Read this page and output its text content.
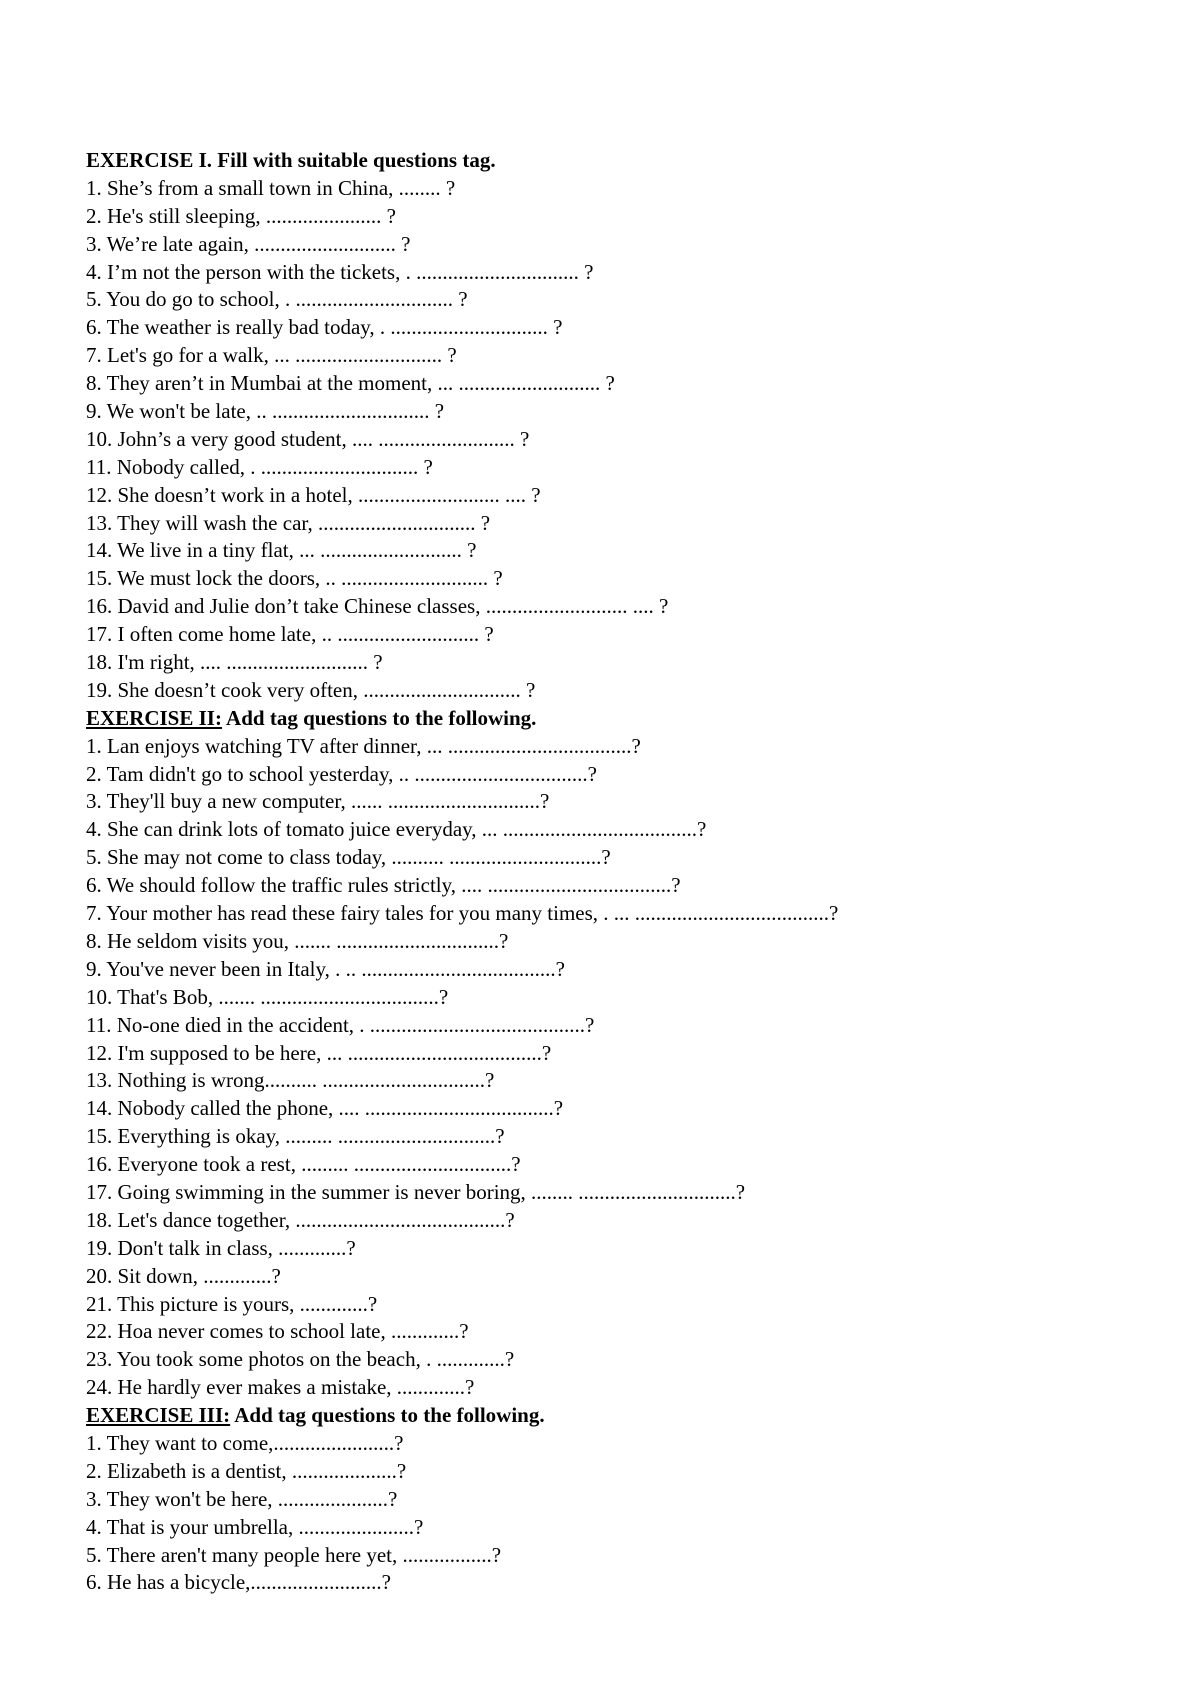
EXERCISE I. Fill with suitable questions tag.
1. She’s from a small town in China, ........ ?
2. He's still sleeping, ...................... ?
3. We’re late again, ........................... ?
4. I’m not the person with the tickets, . ............................... ?
5. You do go to school, . .............................. ?
6. The weather is really bad today, . .............................. ?
7. Let's go for a walk, ... ............................ ?
8. They aren’t in Mumbai at the moment, ... ........................... ?
9. We won't be late, .. .............................. ?
10. John’s a very good student, .... .......................... ?
11. Nobody called, . .............................. ?
12. She doesn’t work in a hotel, ........................... .... ?
13. They will wash the car, .............................. ?
14. We live in a tiny flat, ... ........................... ?
15. We must lock the doors, .. ............................ ?
16. David and Julie don’t take Chinese classes, ........................... .... ?
17. I often come home late, .. ........................... ?
18. I'm right, .... ........................... ?
19. She doesn’t cook very often, .............................. ?
EXERCISE II: Add tag questions to the following.
1. Lan enjoys watching TV after dinner, ... ...................................?
2. Tam didn't go to school yesterday, .. .................................?
3. They'll buy a new computer, ...... .............................?
4. She can drink lots of tomato juice everyday, ... .....................................?
5. She may not come to class today, .......... .............................?
6. We should follow the traffic rules strictly, .... ...................................?
7. Your mother has read these fairy tales for you many times, . ... .....................................?
8. He seldom visits you, ....... ...............................?
9. You've never been in Italy, . .. .....................................?
10. That's Bob, ....... ..................................?
11. No-one died in the accident, . .........................................?
12. I'm supposed to be here, ... .....................................?
13. Nothing is wrong.......... ...............................?
14. Nobody called the phone, .... ....................................?
15. Everything is okay, ......... ..............................?
16. Everyone took a rest, ......... ..............................?
17. Going swimming in the summer is never boring, ........ ..............................?
18. Let's dance together, ........................................?
19. Don't talk in class, .............?
20. Sit down, .............?
21. This picture is yours, .............?
22. Hoa never comes to school late, .............?
23. You took some photos on the beach, . .............?
24. He hardly ever makes a mistake, .............?
EXERCISE III: Add tag questions to the following.
1. They want to come,.......................?
2. Elizabeth is a dentist, ....................?
3. They won't be here, .....................?
4. That is your umbrella, ......................?
5. There aren't many people here yet, .................?
6. He has a bicycle,.........................?
